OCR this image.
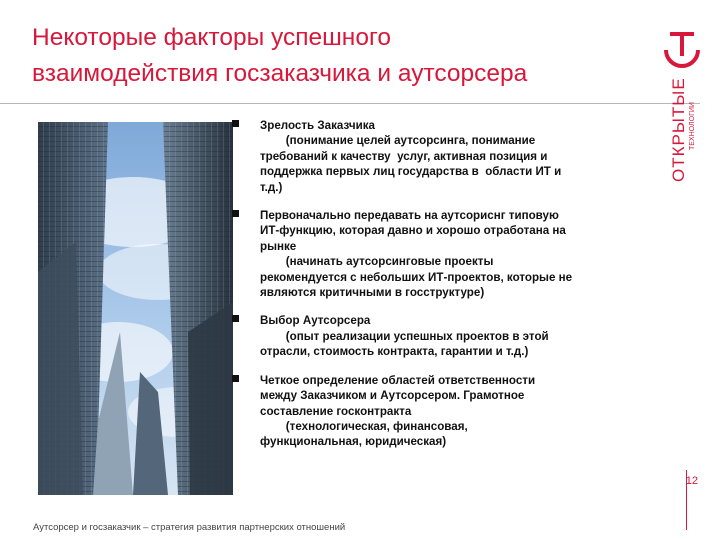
Некоторые факторы успешного
взаимодействия госзаказчика и аутсорсера
Зрелость Заказчика
(понимание целей аутсорсинга, понимание
требований к качеству  услуг, активная позиция и
поддержка первых лиц государства в  области ИТ и
т.д.)
Первоначально передавать на аутсориснг типовую
ИТ-функцию, которая давно и хорошо отработана на
рынке
(начинать аутсорсинговые проекты
рекомендуется с небольших ИТ-проектов, которые не
являются критичными в госструктуре)
Выбор Аутсорсера
(опыт реализации успешных проектов в этой
отрасли, стоимость контракта, гарантии и т.д.)
Четкое определение областей ответственности
между Заказчиком и Аутсорсером. Грамотное
составление госконтракта
(технологическая, финансовая,
функциональная, юридическая)
ОТКРЫТЫЕ ТЕХНОЛОГИИ
12
Аутсорсер и госзаказчик – стратегия развития партнерских отношений
